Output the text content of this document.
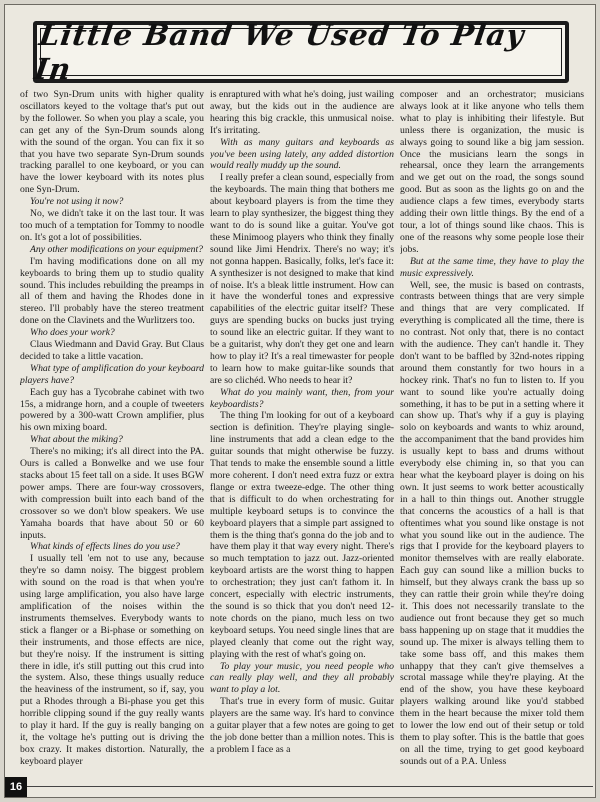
Little Band We Used To Play In

of two Syn-Drum units with higher quality oscillators keyed to the voltage that's put out by the follower. So when you play a scale, you can get any of the Syn-Drum sounds along with the sound of the organ. You can fix it so that you have two separate Syn-Drum sounds tracking parallel to one keyboard, or you can have the lower keyboard with its notes plus one Syn-Drum.

You're not using it now?

No, we didn't take it on the last tour. It was too much of a temptation for Tommy to noodle on. It's got a lot of possibilities.

Any other modifications on your equipment?

I'm having modifications done on all my keyboards to bring them up to studio quality sound. This includes rebuilding the preamps in all of them and having the Rhodes done in stereo. I'll probably have the stereo treatment done on the Clavinets and the Wurlitzers too.

Who does your work?

Claus Wiedmann and David Gray. But Claus decided to take a little vacation.

What type of amplification do your keyboard players have?

Each guy has a Tycobrahe cabinet with two 15s, a midrange horn, and a couple of tweeters powered by a 300-watt Crown amplifier, plus his own mixing board.

What about the miking?

There's no miking; it's all direct into the PA. Ours is called a Bonwelke and we use four stacks about 15 feet tall on a side. It uses BGW power amps. There are four-way crossovers, with compression built into each band of the crossover so we don't blow speakers. We use Yamaha boards that have about 50 or 60 inputs.

What kinds of effects lines do you use?

I usually tell 'em not to use any, because they're so damn noisy. The biggest problem with sound on the road is that when you're using large amplification, you also have large amplification of the noises within the instruments themselves. Everybody wants to stick a flanger or a Bi-phase or something on their instruments, and those effects are nice, but they're noisy. If the instrument is sitting there in idle, it's still putting out this crud into the system. Also, these things usually reduce the heaviness of the instrument, so if, say, you put a Rhodes through a Bi-phase you get this horrible clipping sound if the guy really wants to play it hard. If the guy is really banging on it, the voltage he's putting out is driving the box crazy. It makes distortion. Naturally, the keyboard player

is enraptured with what he's doing, just wailing away, but the kids out in the audience are hearing this big crackle, this unmusical noise. It's irritating.

With as many guitars and keyboards as you've been using lately, any added distortion would really muddy up the sound.

I really prefer a clean sound, especially from the keyboards. The main thing that bothers me about keyboard players is from the time they learn to play synthesizer, the biggest thing they want to do is sound like a guitar. You've got these Minimoog players who think they finally sound like Jimi Hendrix. There's no way; it's not gonna happen. Basically, folks, let's face it: A synthesizer is not designed to make that kind of noise. It's a bleak little instrument. How can it have the wonderful tones and expressive capabilities of the electric guitar itself? These guys are spending bucks on bucks just trying to sound like an electric guitar. If they want to be a guitarist, why don't they get one and learn how to play it? It's a real timewaster for people to learn how to make guitar-like sounds that are so clichéd. Who needs to hear it?

What do you mainly want, then, from your keyboardists?

The thing I'm looking for out of a keyboard section is definition. They're playing single-line instruments that add a clean edge to the guitar sounds that might otherwise be fuzzy. That tends to make the ensemble sound a little more coherent. I don't need extra fuzz or extra flange or extra tweeze-edge. The other thing that is difficult to do when orchestrating for multiple keyboard setups is to convince the keyboard players that a simple part assigned to them is the thing that's gonna do the job and to have them play it that way every night. There's so much temptation to jazz out. Jazz-oriented keyboard artists are the worst thing to happen to orchestration; they just can't fathom it. In concert, especially with electric instruments, the sound is so thick that you don't need 12-note chords on the piano, much less on two keyboard setups. You need single lines that are played cleanly that come out the right way, playing with the rest of what's going on.

To play your music, you need people who can really play well, and they all probably want to play a lot.

That's true in every form of music. Guitar players are the same way. It's hard to convince a guitar player that a few notes are going to get the job done better than a million notes. This is a problem I face as a

composer and an orchestrator; musicians always look at it like anyone who tells them what to play is inhibiting their lifestyle. But unless there is organization, the music is always going to sound like a big jam session. Once the musicians learn the songs in rehearsal, once they learn the arrangements and we get out on the road, the songs sound good. But as soon as the lights go on and the audience claps a few times, everybody starts adding their own little things. By the end of a tour, a lot of things sound like chaos. This is one of the reasons why some people lose their jobs.

But at the same time, they have to play the music expressively.

Well, see, the music is based on contrasts, contrasts between things that are very simple and things that are very complicated. If everything is complicated all the time, there is no contrast. Not only that, there is no contact with the audience. They can't handle it. They don't want to be baffled by 32nd-notes ripping around them constantly for two hours in a hockey rink. That's no fun to listen to. If you want to sound like you're actually doing something, it has to be put in a setting where it can show up. That's why if a guy is playing solo on keyboards and wants to whiz around, the accompaniment that the band provides him is usually kept to bass and drums without everybody else chiming in, so that you can hear what the keyboard player is doing on his own. It just seems to work better acoustically in a hall to thin things out. Another struggle that concerns the acoustics of a hall is that oftentimes what you sound like onstage is not what you sound like out in the audience. The rigs that I provide for the keyboard players to monitor themselves with are really elaborate. Each guy can sound like a million bucks to himself, but they always crank the bass up so they can rattle their groin while they're doing it. This does not necessarily translate to the audience out front because they get so much bass happening up on stage that it muddies the sound up. The mixer is always telling them to take some bass off, and this makes them unhappy that they can't give themselves a scrotal massage while they're playing. At the end of the show, you have these keyboard players walking around like you'd stabbed them in the heart because the mixer told them to lower the low end out of their setup or told them to play softer. This is the battle that goes on all the time, trying to get good keyboard sounds out of a P.A. Unless

16
